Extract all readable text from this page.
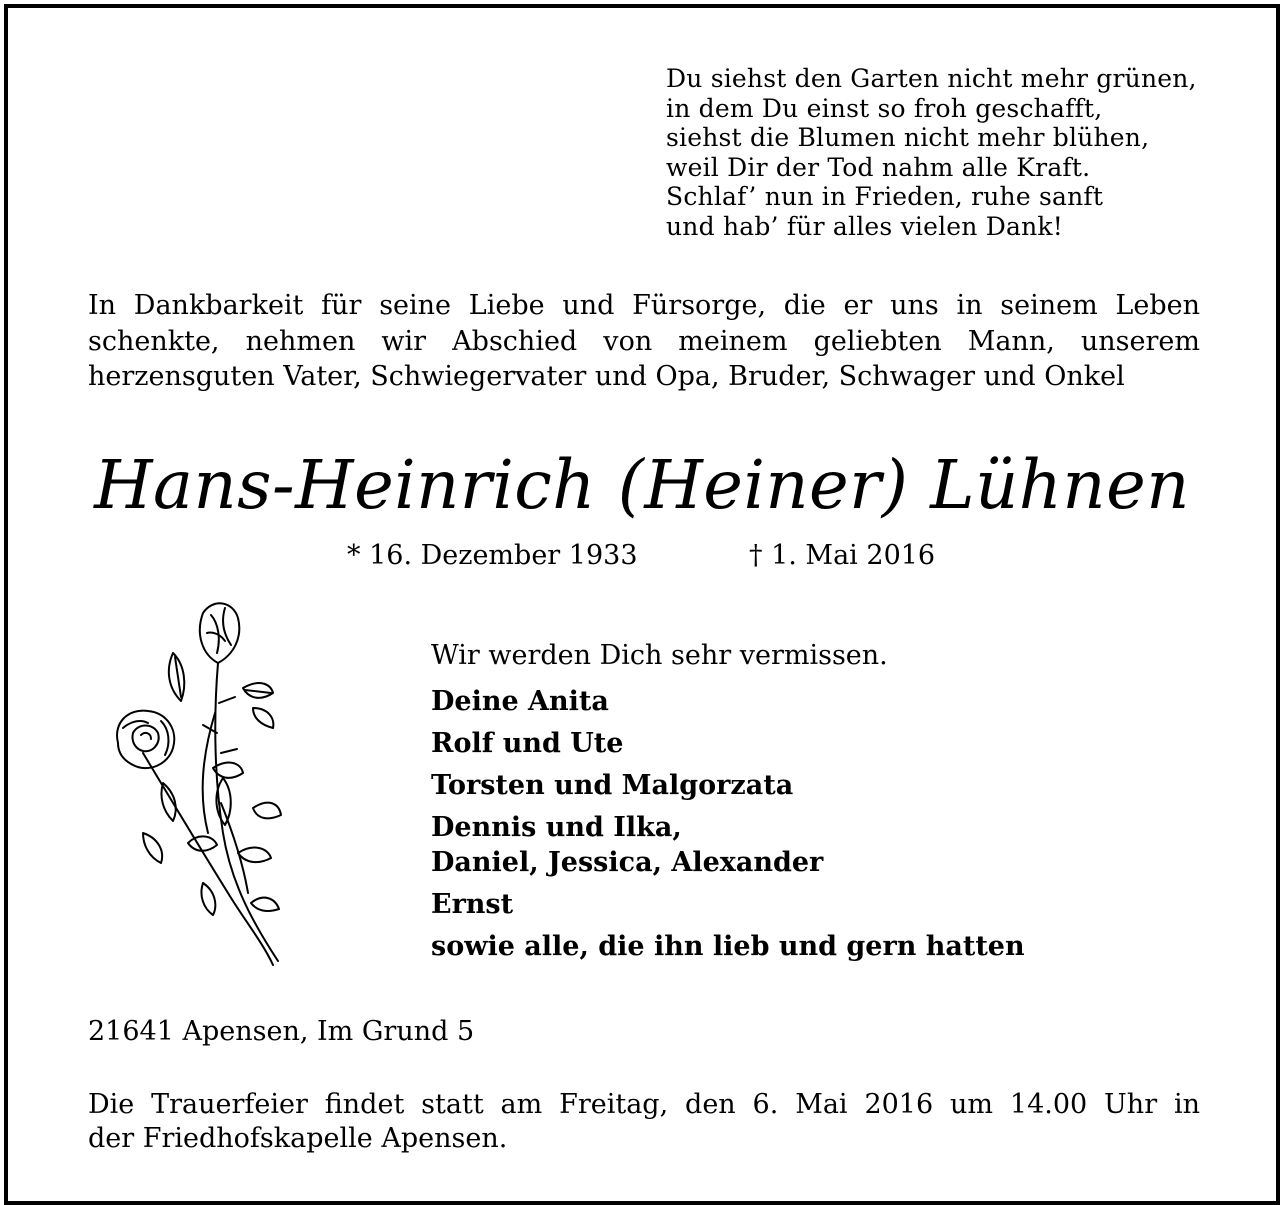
Du siehst den Garten nicht mehr grünen,
in dem Du einst so froh geschafft,
siehst die Blumen nicht mehr blühen,
weil Dir der Tod nahm alle Kraft.
Schlaf’ nun in Frieden, ruhe sanft
und hab’ für alles vielen Dank!
In Dankbarkeit für seine Liebe und Fürsorge, die er uns in seinem Leben
schenkte, nehmen wir Abschied von meinem geliebten Mann, unserem
herzensguten Vater, Schwiegervater und Opa, Bruder, Schwager und Onkel
Hans-Heinrich (Heiner) Lühnen
* 16. Dezember 1933	† 1. Mai 2016
Wir werden Dich sehr vermissen.
Deine Anita
Rolf und Ute
Torsten und Malgorzata
Dennis und Ilka,
Daniel, Jessica, Alexander
Ernst
sowie alle, die ihn lieb und gern hatten
21641 Apensen, Im Grund 5
Die Trauerfeier findet statt am Freitag, den 6. Mai 2016 um 14.00 Uhr in
der Friedhofskapelle Apensen.
